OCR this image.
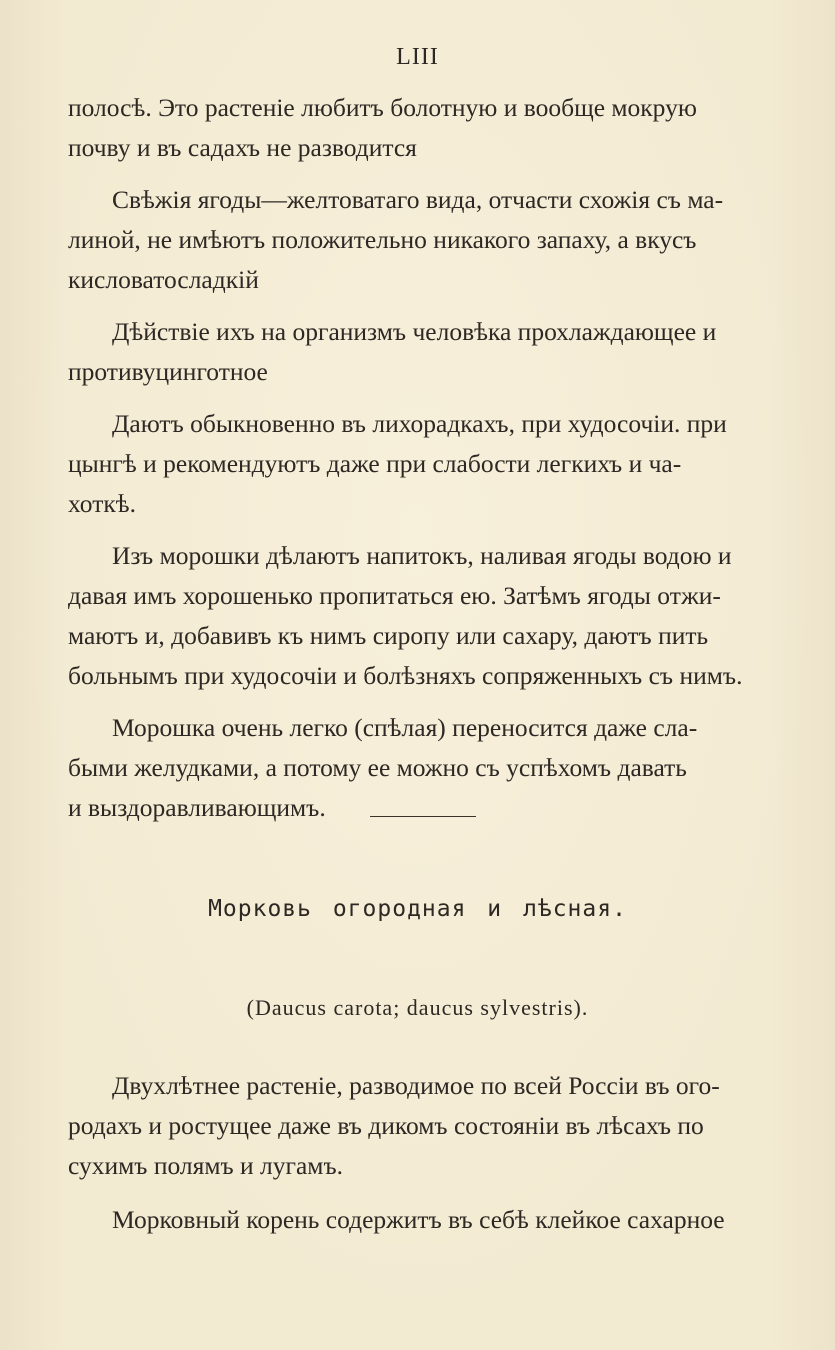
LIII

полосѣ. Это растеніе любитъ болотную и вообще мокрую

почву и въ садахъ не разводится

Свѣжія ягоды—желтоватаго вида, отчасти схожія съ ма-

линой, не имѣютъ положительно никакого запаху, а вкусъ

кисловатосладкій

Дѣйствіе ихъ на организмъ человѣка прохлаждающее и

противуцинготное

Даютъ обыкновенно въ лихорадкахъ, при худосочіи. при

цынгѣ и рекомендуютъ даже при слабости легкихъ и ча-

хоткѣ.

Изъ морошки дѣлаютъ напитокъ, наливая ягоды водою и

давая имъ хорошенько пропитаться ею. Затѣмъ ягоды отжи-

маютъ и, добавивъ къ нимъ сиропу или сахару, даютъ пить

больнымъ при худосочіи и болѣзняхъ сопряженныхъ съ нимъ.

Морошка очень легко (спѣлая) переносится даже сла-

быми желудками, а потому ее можно съ успѣхомъ давать

и выздоравливающимъ.

Морковь огородная и лѣсная.
(Daucus carota; daucus sylvestris).

Двухлѣтнее растеніе, разводимое по всей Россіи въ ого-

родахъ и ростущее даже въ дикомъ состояніи въ лѣсахъ по

сухимъ полямъ и лугамъ.

Морковный корень содержитъ въ себѣ клейкое сахарное
